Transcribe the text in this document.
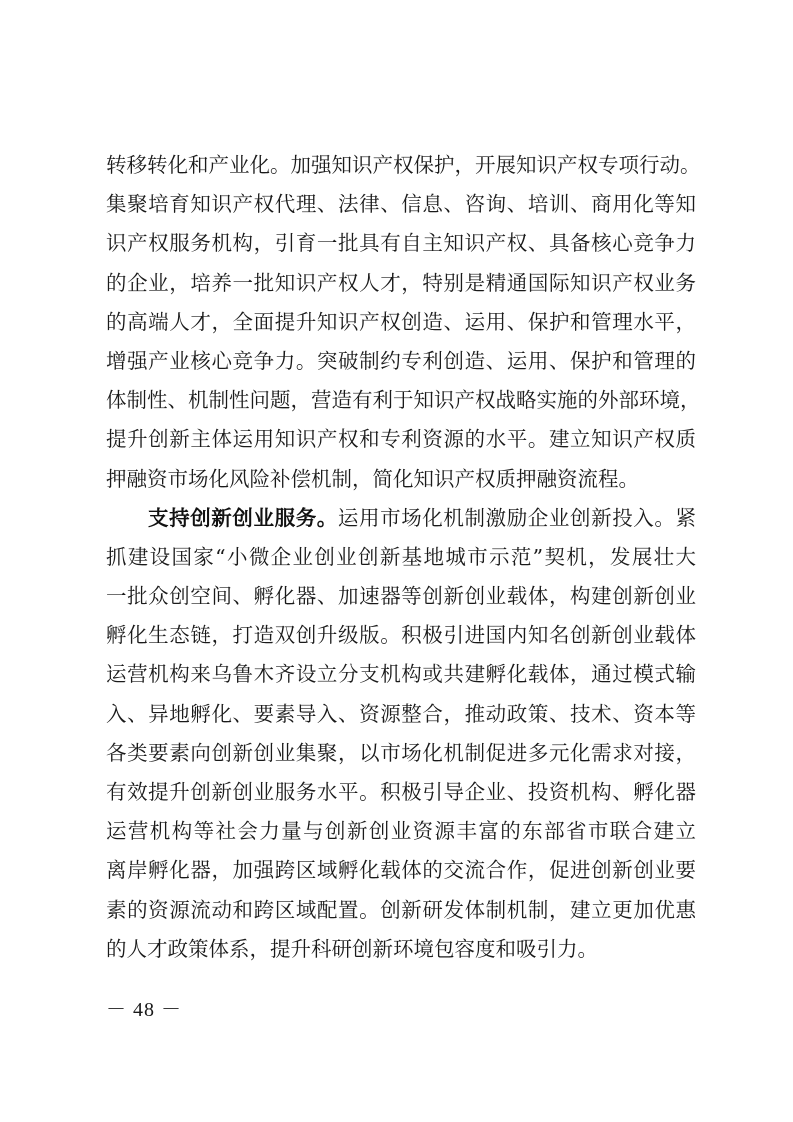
转移转化和产业化。加强知识产权保护，开展知识产权专项行动。
集聚培育知识产权代理、法律、信息、咨询、培训、商用化等知
识产权服务机构，引育一批具有自主知识产权、具备核心竞争力
的企业，培养一批知识产权人才，特别是精通国际知识产权业务
的高端人才，全面提升知识产权创造、运用、保护和管理水平，
增强产业核心竞争力。突破制约专利创造、运用、保护和管理的
体制性、机制性问题，营造有利于知识产权战略实施的外部环境，
提升创新主体运用知识产权和专利资源的水平。建立知识产权质
押融资市场化风险补偿机制，简化知识产权质押融资流程。
支持创新创业服务。运用市场化机制激励企业创新投入。紧
抓建设国家“小微企业创业创新基地城市示范”契机，发展壮大
一批众创空间、孵化器、加速器等创新创业载体，构建创新创业
孵化生态链，打造双创升级版。积极引进国内知名创新创业载体
运营机构来乌鲁木齐设立分支机构或共建孵化载体，通过模式输
入、异地孵化、要素导入、资源整合，推动政策、技术、资本等
各类要素向创新创业集聚，以市场化机制促进多元化需求对接，
有效提升创新创业服务水平。积极引导企业、投资机构、孵化器
运营机构等社会力量与创新创业资源丰富的东部省市联合建立
离岸孵化器，加强跨区域孵化载体的交流合作，促进创新创业要
素的资源流动和跨区域配置。创新研发体制机制，建立更加优惠
的人才政策体系，提升科研创新环境包容度和吸引力。
－ 48 －
